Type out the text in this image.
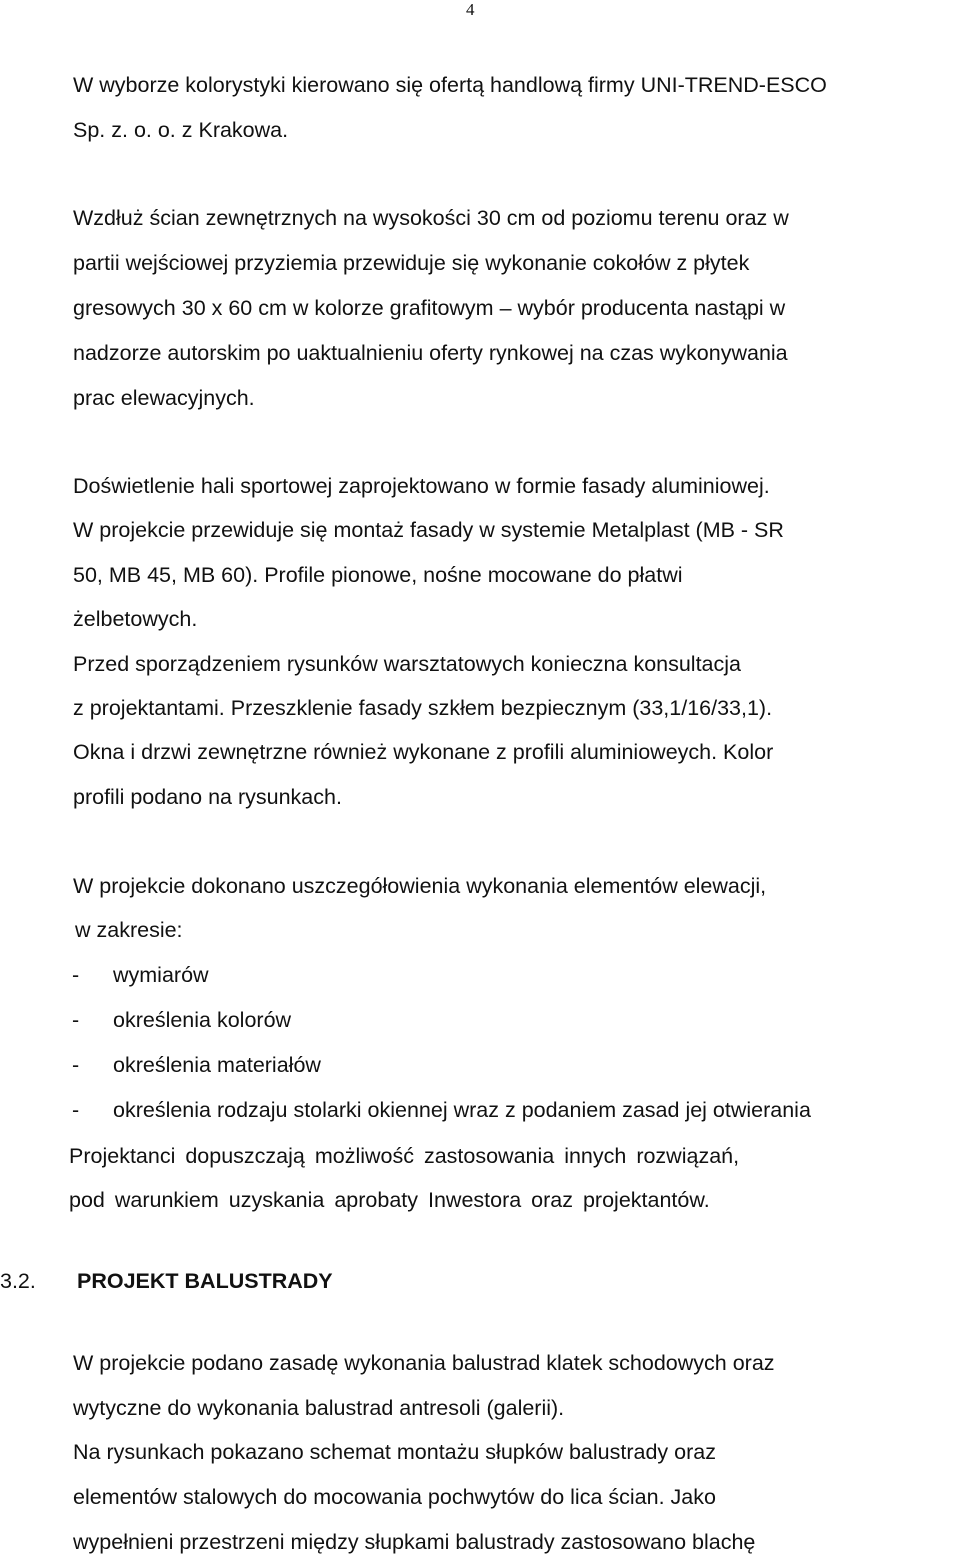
4
W wyborze kolorystyki kierowano się ofertą handlową firmy UNI-TREND-ESCO
Sp. z. o. o. z Krakowa.
Wzdłuż ścian zewnętrznych na wysokości 30 cm od poziomu terenu oraz w
partii wejściowej przyziemia przewiduje się wykonanie cokołów z płytek
gresowych 30 x 60 cm w kolorze grafitowym – wybór producenta nastąpi w
nadzorze autorskim po uaktualnieniu oferty rynkowej na czas wykonywania
prac elewacyjnych.
Doświetlenie hali sportowej zaprojektowano w formie fasady aluminiowej.
W projekcie przewiduje się montaż fasady w systemie Metalplast (MB - SR
50, MB 45, MB 60). Profile pionowe, nośne mocowane do płatwi
żelbetowych.
Przed sporządzeniem rysunków warsztatowych konieczna konsultacja
z projektantami. Przeszklenie fasady szkłem bezpiecznym (33,1/16/33,1).
Okna i drzwi zewnętrzne również wykonane z profili aluminioweych. Kolor
profili podano na rysunkach.
W projekcie dokonano uszczegółowienia wykonania elementów elewacji,
w zakresie:
- wymiarów
- określenia kolorów
- określenia materiałów
- określenia rodzaju stolarki okiennej wraz z podaniem zasad jej otwierania
Projektanci dopuszczają możliwość zastosowania innych rozwiązań,
pod warunkiem uzyskania aprobaty Inwestora oraz projektantów.
3.2. PROJEKT BALUSTRADY
W projekcie podano zasadę wykonania balustrad klatek schodowych oraz
wytyczne do wykonania balustrad antresoli (galerii).
Na rysunkach pokazano schemat montażu słupków balustrady oraz
elementów stalowych do mocowania pochwytów do lica ścian. Jako
wypełnieni przestrzeni między słupkami balustrady zastosowano blachę
